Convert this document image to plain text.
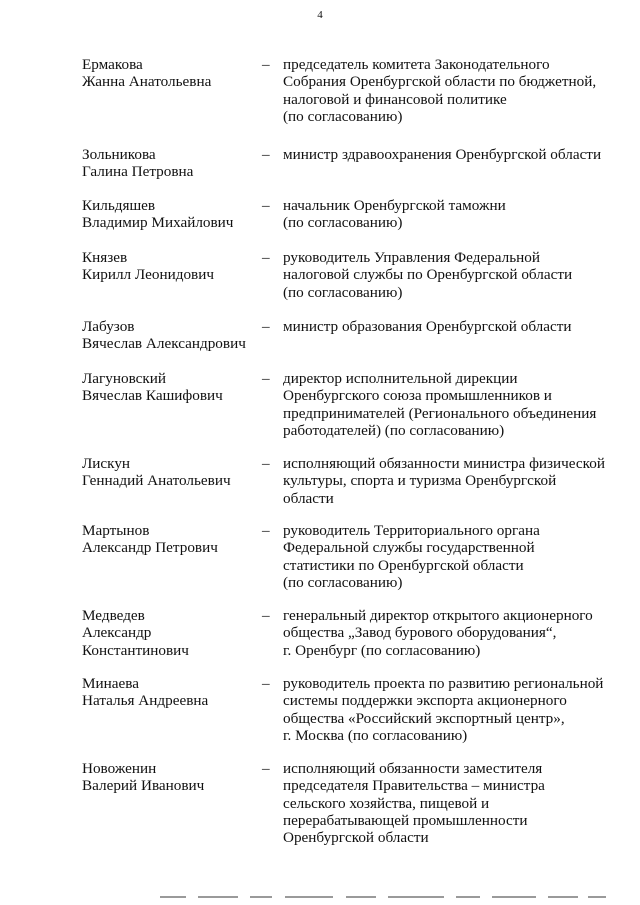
4
Ермакова
Жанна Анатольевна
– председатель комитета Законодательного
Собрания Оренбургской области по бюджетной,
налоговой и финансовой политике
(по согласованию)
Зольникова
Галина Петровна
– министр здравоохранения Оренбургской области
Кильдяшев
Владимир Михайлович
– начальник Оренбургской таможни
(по согласованию)
Князев
Кирилл Леонидович
– руководитель Управления Федеральной
налоговой службы по Оренбургской области
(по согласованию)
Лабузов
Вячеслав Александрович
– министр образования Оренбургской области
Лагуновский
Вячеслав Кашифович
– директор исполнительной дирекции
Оренбургского союза промышленников и
предпринимателей (Регионального объединения
работодателей) (по согласованию)
Лискун
Геннадий Анатольевич
– исполняющий обязанности министра физической
культуры, спорта и туризма Оренбургской
области
Мартынов
Александр Петрович
– руководитель Территориального органа
Федеральной службы государственной
статистики по Оренбургской области
(по согласованию)
Медведев
Александр Константинович
– генеральный директор открытого акционерного
общества „Завод бурового оборудования“,
г. Оренбург (по согласованию)
Минаева
Наталья Андреевна
– руководитель проекта по развитию региональной
системы поддержки экспорта акционерного
общества «Российский экспортный центр»,
г. Москва (по согласованию)
Новоженин
Валерий Иванович
– исполняющий обязанности заместителя
председателя Правительства – министра
сельского хозяйства, пищевой и
перерабатывающей промышленности
Оренбургской области
